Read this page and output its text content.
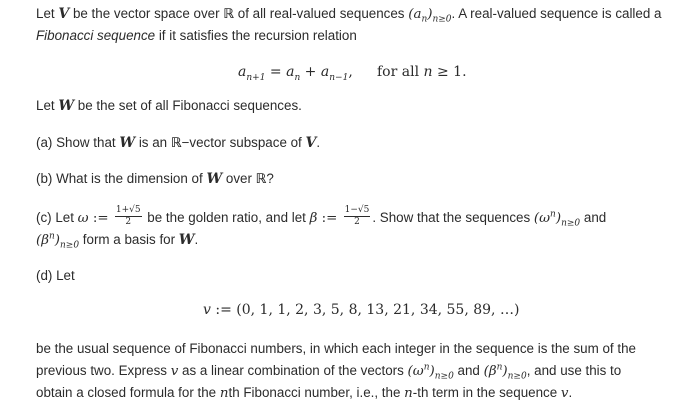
Let V be the vector space over ℝ of all real-valued sequences $(a_n)_{n\ge 0}$. A real-valued sequence is called a
Fibonacci sequence if it satisfies the recursion relation
$a_{n+1} = a_n + a_{n-1}$, for all n ≥ 1.
Let W be the set of all Fibonacci sequences.
(a) Show that W is an ℝ−vector subspace of V.
(b) What is the dimension of W over ℝ?
(c) Let ω := $\frac{1+√5}{2}$ be the golden ratio, and let β := $\frac{1-√5}{2}$ . Show that the sequences $(\omega^n)_{n\ge 0}$ and
$(\beta^n)_{n\ge 0}$ form a basis for W.
(d) Let
v := (0, 1, 1, 2, 3, 5, 8, 13, 21, 34, 55, 89, …)
be the usual sequence of Fibonacci numbers, in which each integer in the sequence is the sum of the
previous two. Express v as a linear combination of the vectors $(\omega^n)_{n\ge 0}$ and $(\beta^n)_{n\ge 0}$, and use this to
obtain a closed formula for the nth Fibonacci number, i.e., the n-th term in the sequence v.
